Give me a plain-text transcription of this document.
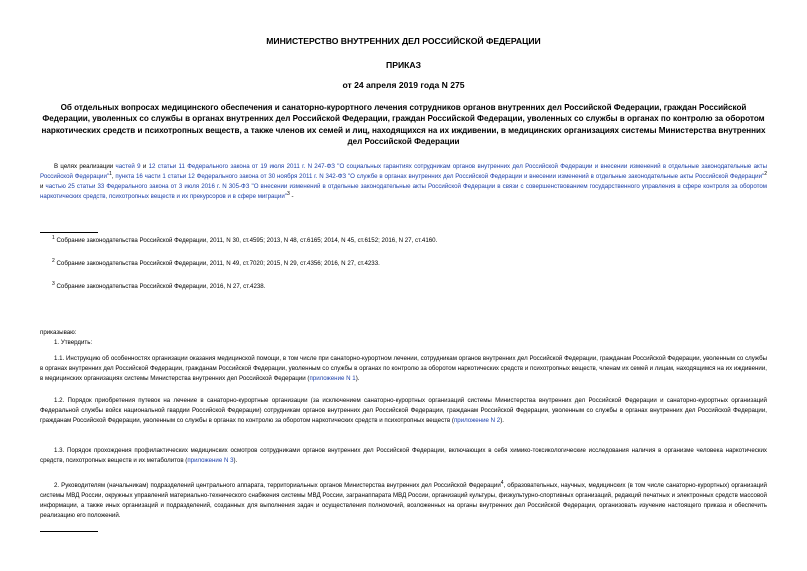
МИНИСТЕРСТВО ВНУТРЕННИХ ДЕЛ РОССИЙСКОЙ ФЕДЕРАЦИИ
ПРИКАЗ
от 24 апреля 2019 года N 275
Об отдельных вопросах медицинского обеспечения и санаторно-курортного лечения сотрудников органов внутренних дел Российской Федерации, граждан Российской Федерации, уволенных со службы в органах внутренних дел Российской Федерации, граждан Российской Федерации, уволенных со службы в органах по контролю за оборотом наркотических средств и психотропных веществ, а также членов их семей и лиц, находящихся на их иждивении, в медицинских организациях системы Министерства внутренних дел Российской Федерации
В целях реализации частей 9 и 12 статьи 11 Федерального закона от 19 июля 2011 г. N 247-ФЗ "О социальных гарантиях сотрудникам органов внутренних дел Российской Федерации и внесении изменений в отдельные законодательные акты Российской Федерации"$^1$, пунктa 16 части 1 статьи 12 Федерального закона от 30 ноября 2011 г. N 342-ФЗ "О службе в органах внутренних дел Российской Федерации и внесении изменений в отдельные законодательные акты Российской Федерации"$^2$ и частью 25 статьи 33 Федерального закона от 3 июля 2016 г. N 305-ФЗ "О внесении изменений в отдельные законодательные акты Российской Федерации в связи с совершенствованием государственного управления в сфере контроля за оборотом наркотических средств, психотропных веществ и их прекурсоров и в сфере миграции"$^3$ -
$^1$ Собрание законодательства Российской Федерации, 2011, N 30, ст.4595; 2013, N 48, ст.6165; 2014, N 45, ст.6152; 2016, N 27, ст.4160.
$^2$ Собрание законодательства Российской Федерации, 2011, N 49, ст.7020; 2015, N 29, ст.4356; 2016, N 27, ст.4233.
$^3$ Собрание законодательства Российской Федерации, 2016, N 27, ст.4238.
приказываю:
1. Утвердить:
1.1. Инструкцию об особенностях организации оказания медицинской помощи, в том числе при санаторно-курортном лечении, сотрудникам органов внутренних дел Российской Федерации, гражданам Российской Федерации, уволенным со службы в органах внутренних дел Российской Федерации, гражданам Российской Федерации, уволенным со службы в органах по контролю за оборотом наркотических средств и психотропных веществ, членам их семей и лицам, находящимся на их иждивении, в медицинских организациях системы Министерства внутренних дел Российской Федерации (приложение N 1).
1.2. Порядок приобретения путевок на лечение в санаторно-курортные организации (за исключением санаторно-курортных организаций системы Министерства внутренних дел Российской Федерации и санаторно-курортных организаций Федеральной службы войск национальной гвардии Российской Федерации) сотрудникам органов внутренних дел Российской Федерации, гражданам Российской Федерации, уволенным со службы в органах внутренних дел Российской Федерации, гражданам Российской Федерации, уволенным со службы в органах по контролю за оборотом наркотических средств и психотропных веществ (приложение N 2).
1.3. Порядок прохождения профилактических медицинских осмотров сотрудниками органов внутренних дел Российской Федерации, включающих в себя химико-токсикологические исследования наличия в организме человека наркотических средств, психотропных веществ и их метаболитов (приложение N 3).
2. Руководителям (начальникам) подразделений центрального аппарата, территориальных органов Министерства внутренних дел Российской Федерации$^4$, образовательных, научных, медицинских (в том числе санаторно-курортных) организаций системы МВД России, окружных управлений материально-технического снабжения системы МВД России, загранаппарата МВД России, организаций культуры, физкультурно-спортивных организаций, редакций печатных и электронных средств массовой информации, а также иных организаций и подразделений, созданных для выполнения задач и осуществления полномочий, возложенных на органы внутренних дел Российской Федерации, организовать изучение настоящего приказа и обеспечить реализацию его положений.
